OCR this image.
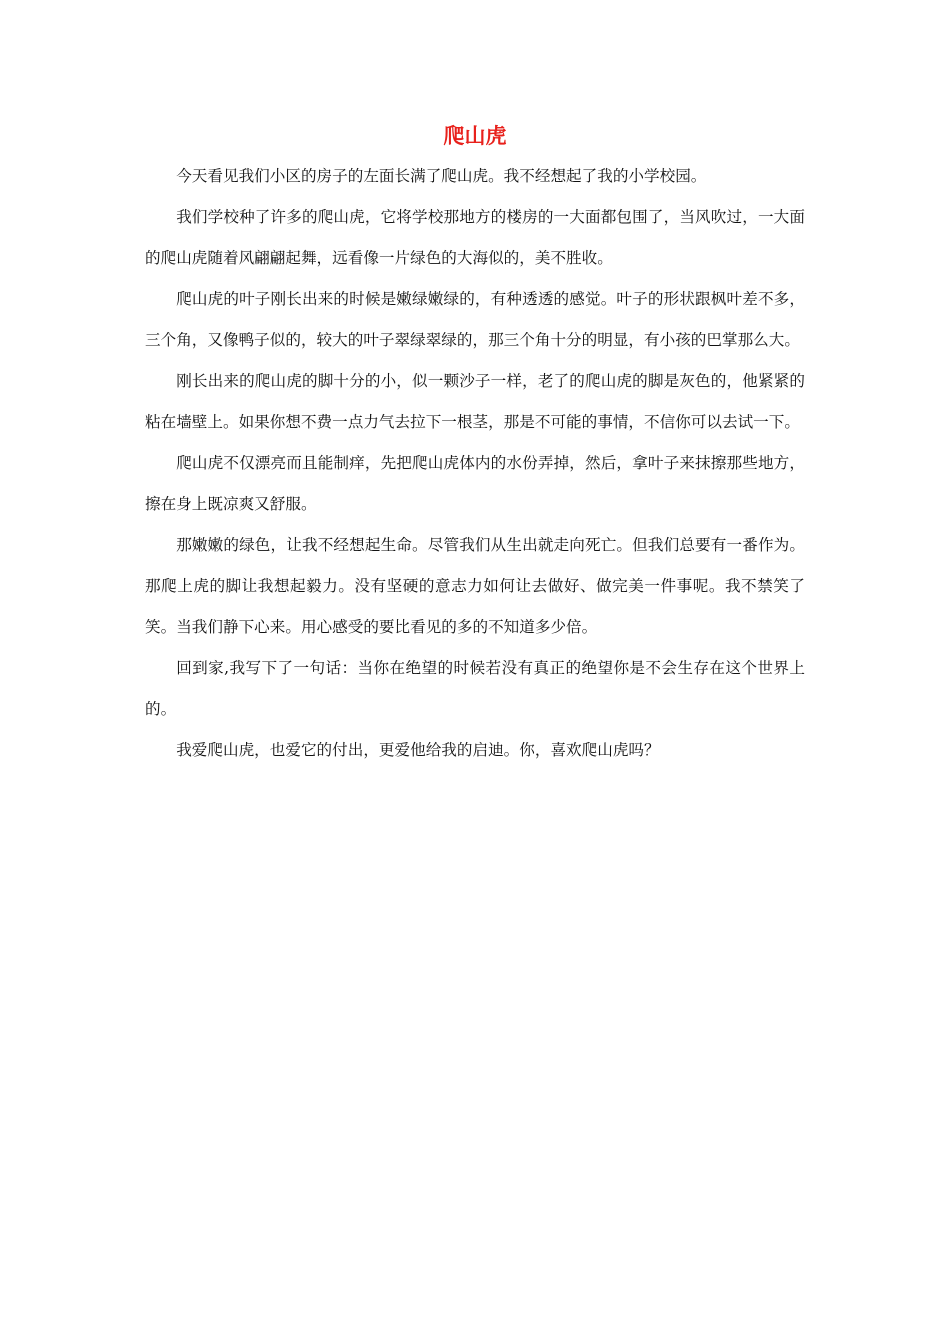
爬山虎

今天看见我们小区的房子的左面长满了爬山虎。我不经想起了我的小学校园。

我们学校种了许多的爬山虎，它将学校那地方的楼房的一大面都包围了，当风吹过，一大面的爬山虎随着风翩翩起舞，远看像一片绿色的大海似的，美不胜收。

爬山虎的叶子刚长出来的时候是嫩绿嫩绿的，有种透透的感觉。叶子的形状跟枫叶差不多，三个角，又像鸭子似的，较大的叶子翠绿翠绿的，那三个角十分的明显，有小孩的巴掌那么大。

刚长出来的爬山虎的脚十分的小，似一颗沙子一样，老了的爬山虎的脚是灰色的，他紧紧的粘在墙壁上。如果你想不费一点力气去拉下一根茎，那是不可能的事情，不信你可以去试一下。

爬山虎不仅漂亮而且能制痒，先把爬山虎体内的水份弄掉，然后，拿叶子来抹擦那些地方，擦在身上既凉爽又舒服。

那嫩嫩的绿色，让我不经想起生命。尽管我们从生出就走向死亡。但我们总要有一番作为。那爬上虎的脚让我想起毅力。没有坚硬的意志力如何让去做好、做完美一件事呢。我不禁笑了笑。当我们静下心来。用心感受的要比看见的多的不知道多少倍。

回到家,我写下了一句话：当你在绝望的时候若没有真正的绝望你是不会生存在这个世界上的。

我爱爬山虎，也爱它的付出，更爱他给我的启迪。你，喜欢爬山虎吗？
